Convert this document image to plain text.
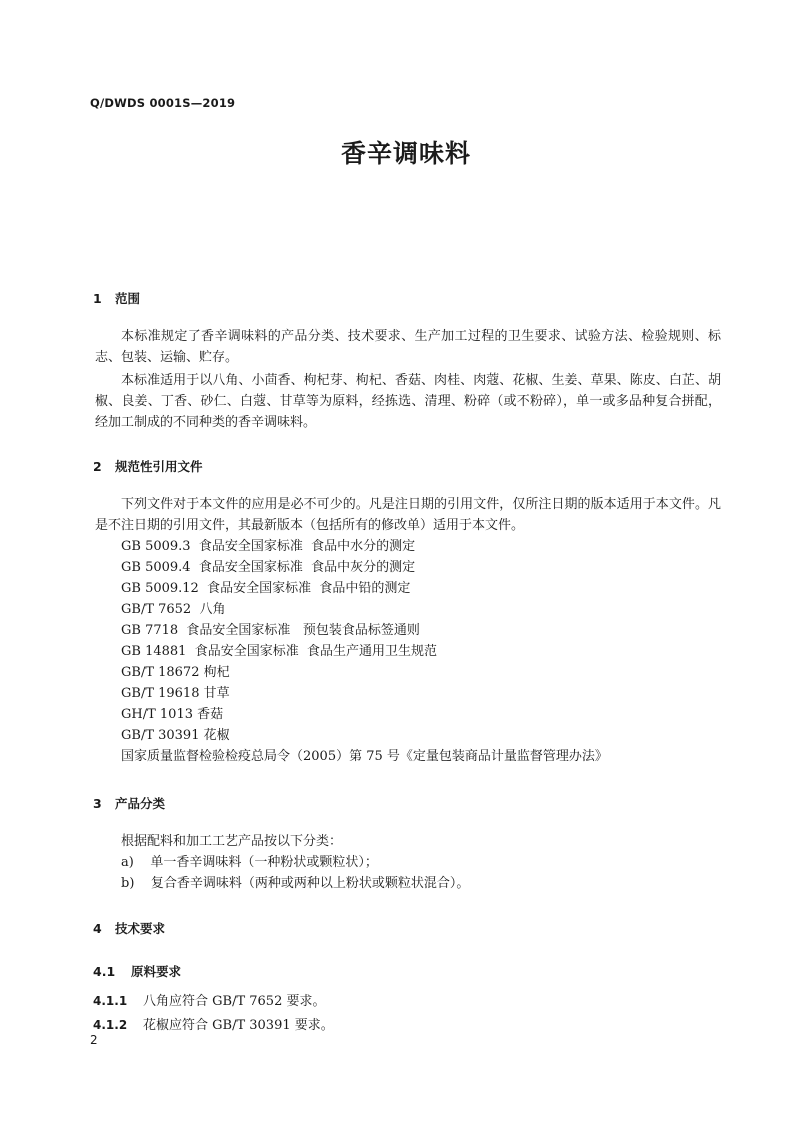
Q/DWDS 0001S—2019
香辛调味料
1 范围
本标准规定了香辛调味料的产品分类、技术要求、生产加工过程的卫生要求、试验方法、检验规则、标志、包装、运输、贮存。
本标准适用于以八角、小茴香、枸杞芽、枸杞、香菇、肉桂、肉蔻、花椒、生姜、草果、陈皮、白芷、胡椒、良姜、丁香、砂仁、白蔻、甘草等为原料，经拣选、清理、粉碎（或不粉碎），单一或多品种复合拼配，经加工制成的不同种类的香辛调味料。
2 规范性引用文件
下列文件对于本文件的应用是必不可少的。凡是注日期的引用文件，仅所注日期的版本适用于本文件。凡是不注日期的引用文件，其最新版本（包括所有的修改单）适用于本文件。
GB 5009.3  食品安全国家标准  食品中水分的测定
GB 5009.4  食品安全国家标准  食品中灰分的测定
GB 5009.12  食品安全国家标准  食品中铅的测定
GB/T 7652  八角
GB 7718  食品安全国家标准   预包装食品标签通则
GB 14881  食品安全国家标准  食品生产通用卫生规范
GB/T 18672 枸杞
GB/T 19618 甘草
GH/T 1013 香菇
GB/T 30391 花椒
国家质量监督检验检疫总局令（2005）第 75 号《定量包装商品计量监督管理办法》
3 产品分类
根据配料和加工工艺产品按以下分类：
a)    单一香辛调味料（一种粉状或颗粒状）；
b)    复合香辛调味料（两种或两种以上粉状或颗粒状混合）。
4 技术要求
4.1 原料要求
4.1.1 八角应符合 GB/T 7652 要求。
4.1.2 花椒应符合 GB/T 30391 要求。
2
